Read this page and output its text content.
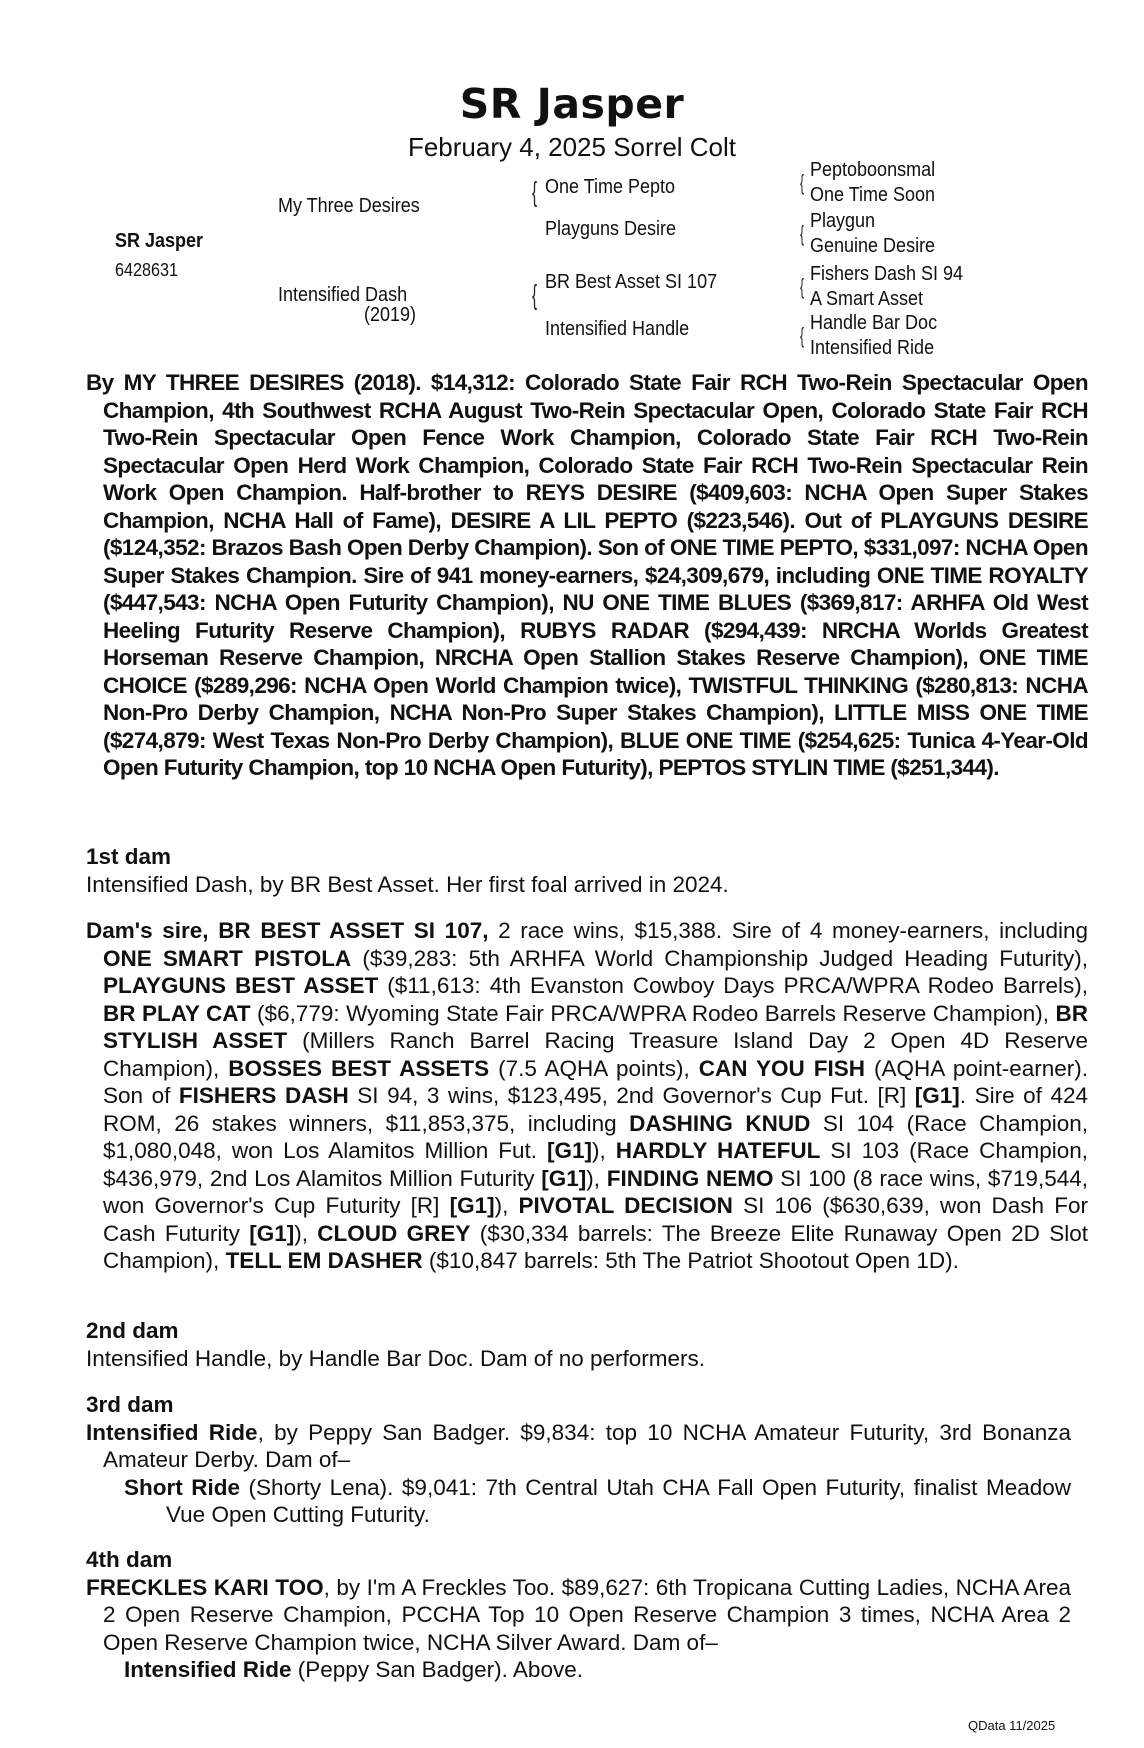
SR Jasper
February 4, 2025 Sorrel Colt
SR Jasper
6428631
My Three Desires
Intensified Dash
(2019)
{ One Time Pepto
Playguns Desire
{ BR Best Asset SI 107
Intensified Handle
{ Peptoboonsmal
One Time Soon
{ Playgun
Genuine Desire
{ Fishers Dash SI 94
A Smart Asset
{ Handle Bar Doc
Intensified Ride
By MY THREE DESIRES (2018). $14,312: Colorado State Fair RCH Two-Rein Spectacular Open Champion, 4th Southwest RCHA August Two-Rein Spectacular Open, Colorado State Fair RCH Two-Rein Spectacular Open Fence Work Champion, Colorado State Fair RCH Two-Rein Spectacular Open Herd Work Champion, Colorado State Fair RCH Two-Rein Spectacular Rein Work Open Champion. Half-brother to REYS DESIRE ($409,603: NCHA Open Super Stakes Champion, NCHA Hall of Fame), DESIRE A LIL PEPTO ($223,546). Out of PLAYGUNS DESIRE ($124,352: Brazos Bash Open Derby Champion). Son of ONE TIME PEPTO, $331,097: NCHA Open Super Stakes Champion. Sire of 941 money-earners, $24,309,679, including ONE TIME ROYALTY ($447,543: NCHA Open Futurity Champion), NU ONE TIME BLUES ($369,817: ARHFA Old West Heeling Futurity Reserve Champion), RUBYS RADAR ($294,439: NRCHA Worlds Greatest Horseman Reserve Champion, NRCHA Open Stallion Stakes Reserve Champion), ONE TIME CHOICE ($289,296: NCHA Open World Champion twice), TWISTFUL THINKING ($280,813: NCHA Non-Pro Derby Champion, NCHA Non-Pro Super Stakes Champion), LITTLE MISS ONE TIME ($274,879: West Texas Non-Pro Derby Champion), BLUE ONE TIME ($254,625: Tunica 4-Year-Old Open Futurity Champion, top 10 NCHA Open Futurity), PEPTOS STYLIN TIME ($251,344).
1st dam
Intensified Dash, by BR Best Asset. Her first foal arrived in 2024.
Dam's sire, BR BEST ASSET SI 107, 2 race wins, $15,388. Sire of 4 money-earners, including ONE SMART PISTOLA ($39,283: 5th ARHFA World Championship Judged Heading Futurity), PLAYGUNS BEST ASSET ($11,613: 4th Evanston Cowboy Days PRCA/WPRA Rodeo Barrels), BR PLAY CAT ($6,779: Wyoming State Fair PRCA/WPRA Rodeo Barrels Reserve Champion), BR STYLISH ASSET (Millers Ranch Barrel Racing Treasure Island Day 2 Open 4D Reserve Champion), BOSSES BEST ASSETS (7.5 AQHA points), CAN YOU FISH (AQHA point-earner). Son of FISHERS DASH SI 94, 3 wins, $123,495, 2nd Governor's Cup Fut. [R] [G1]. Sire of 424 ROM, 26 stakes winners, $11,853,375, including DASHING KNUD SI 104 (Race Champion, $1,080,048, won Los Alamitos Million Fut. [G1]), HARDLY HATEFUL SI 103 (Race Champion, $436,979, 2nd Los Alamitos Million Futurity [G1]), FINDING NEMO SI 100 (8 race wins, $719,544, won Governor's Cup Futurity [R] [G1]), PIVOTAL DECISION SI 106 ($630,639, won Dash For Cash Futurity [G1]), CLOUD GREY ($30,334 barrels: The Breeze Elite Runaway Open 2D Slot Champion), TELL EM DASHER ($10,847 barrels: 5th The Patriot Shootout Open 1D).
2nd dam
Intensified Handle, by Handle Bar Doc. Dam of no performers.
3rd dam
Intensified Ride, by Peppy San Badger. $9,834: top 10 NCHA Amateur Futurity, 3rd Bonanza Amateur Derby. Dam of–
Short Ride (Shorty Lena). $9,041: 7th Central Utah CHA Fall Open Futurity, finalist Meadow Vue Open Cutting Futurity.
4th dam
FRECKLES KARI TOO, by I'm A Freckles Too. $89,627: 6th Tropicana Cutting Ladies, NCHA Area 2 Open Reserve Champion, PCCHA Top 10 Open Reserve Champion 3 times, NCHA Area 2 Open Reserve Champion twice, NCHA Silver Award. Dam of–
Intensified Ride (Peppy San Badger). Above.
QData 11/2025
